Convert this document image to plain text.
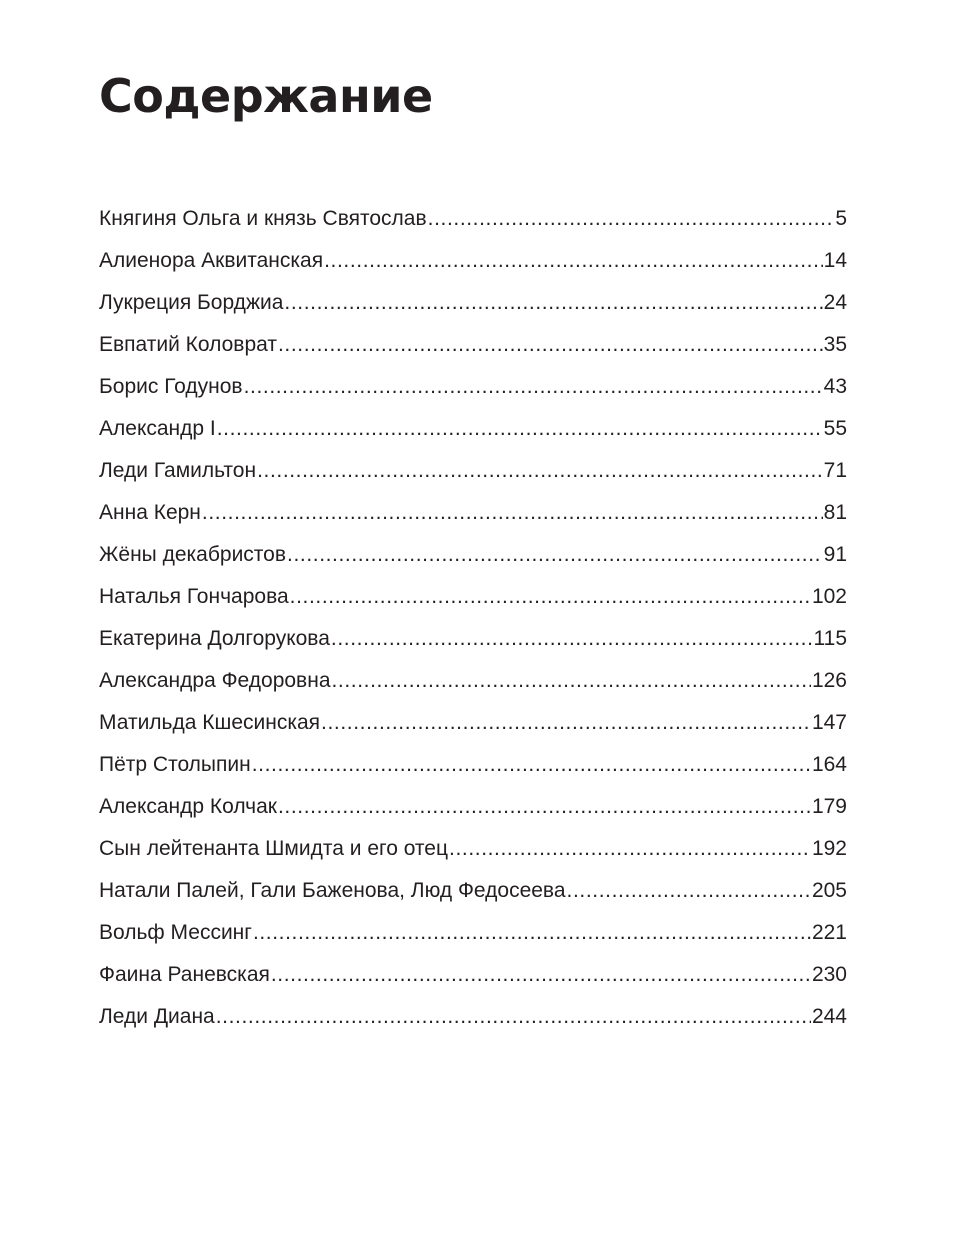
Содержание
Княгиня Ольга и князь Святослав .....	5
Алиенора Аквитанская .....	14
Лукреция Борджиа .....	24
Евпатий Коловрат .....	35
Борис Годунов .....	43
Александр I .....	55
Леди Гамильтон .....	71
Анна Керн .....	81
Жёны декабристов .....	91
Наталья Гончарова .....	102
Екатерина Долгорукова .....	115
Александра Федоровна .....	126
Матильда Кшесинская .....	147
Пётр Столыпин .....	164
Александр Колчак .....	179
Сын лейтенанта Шмидта и его отец .....	192
Натали Палей, Гали Баженова, Люд Федосеева .....	205
Вольф Мессинг .....	221
Фаина Раневская .....	230
Леди Диана .....	244
